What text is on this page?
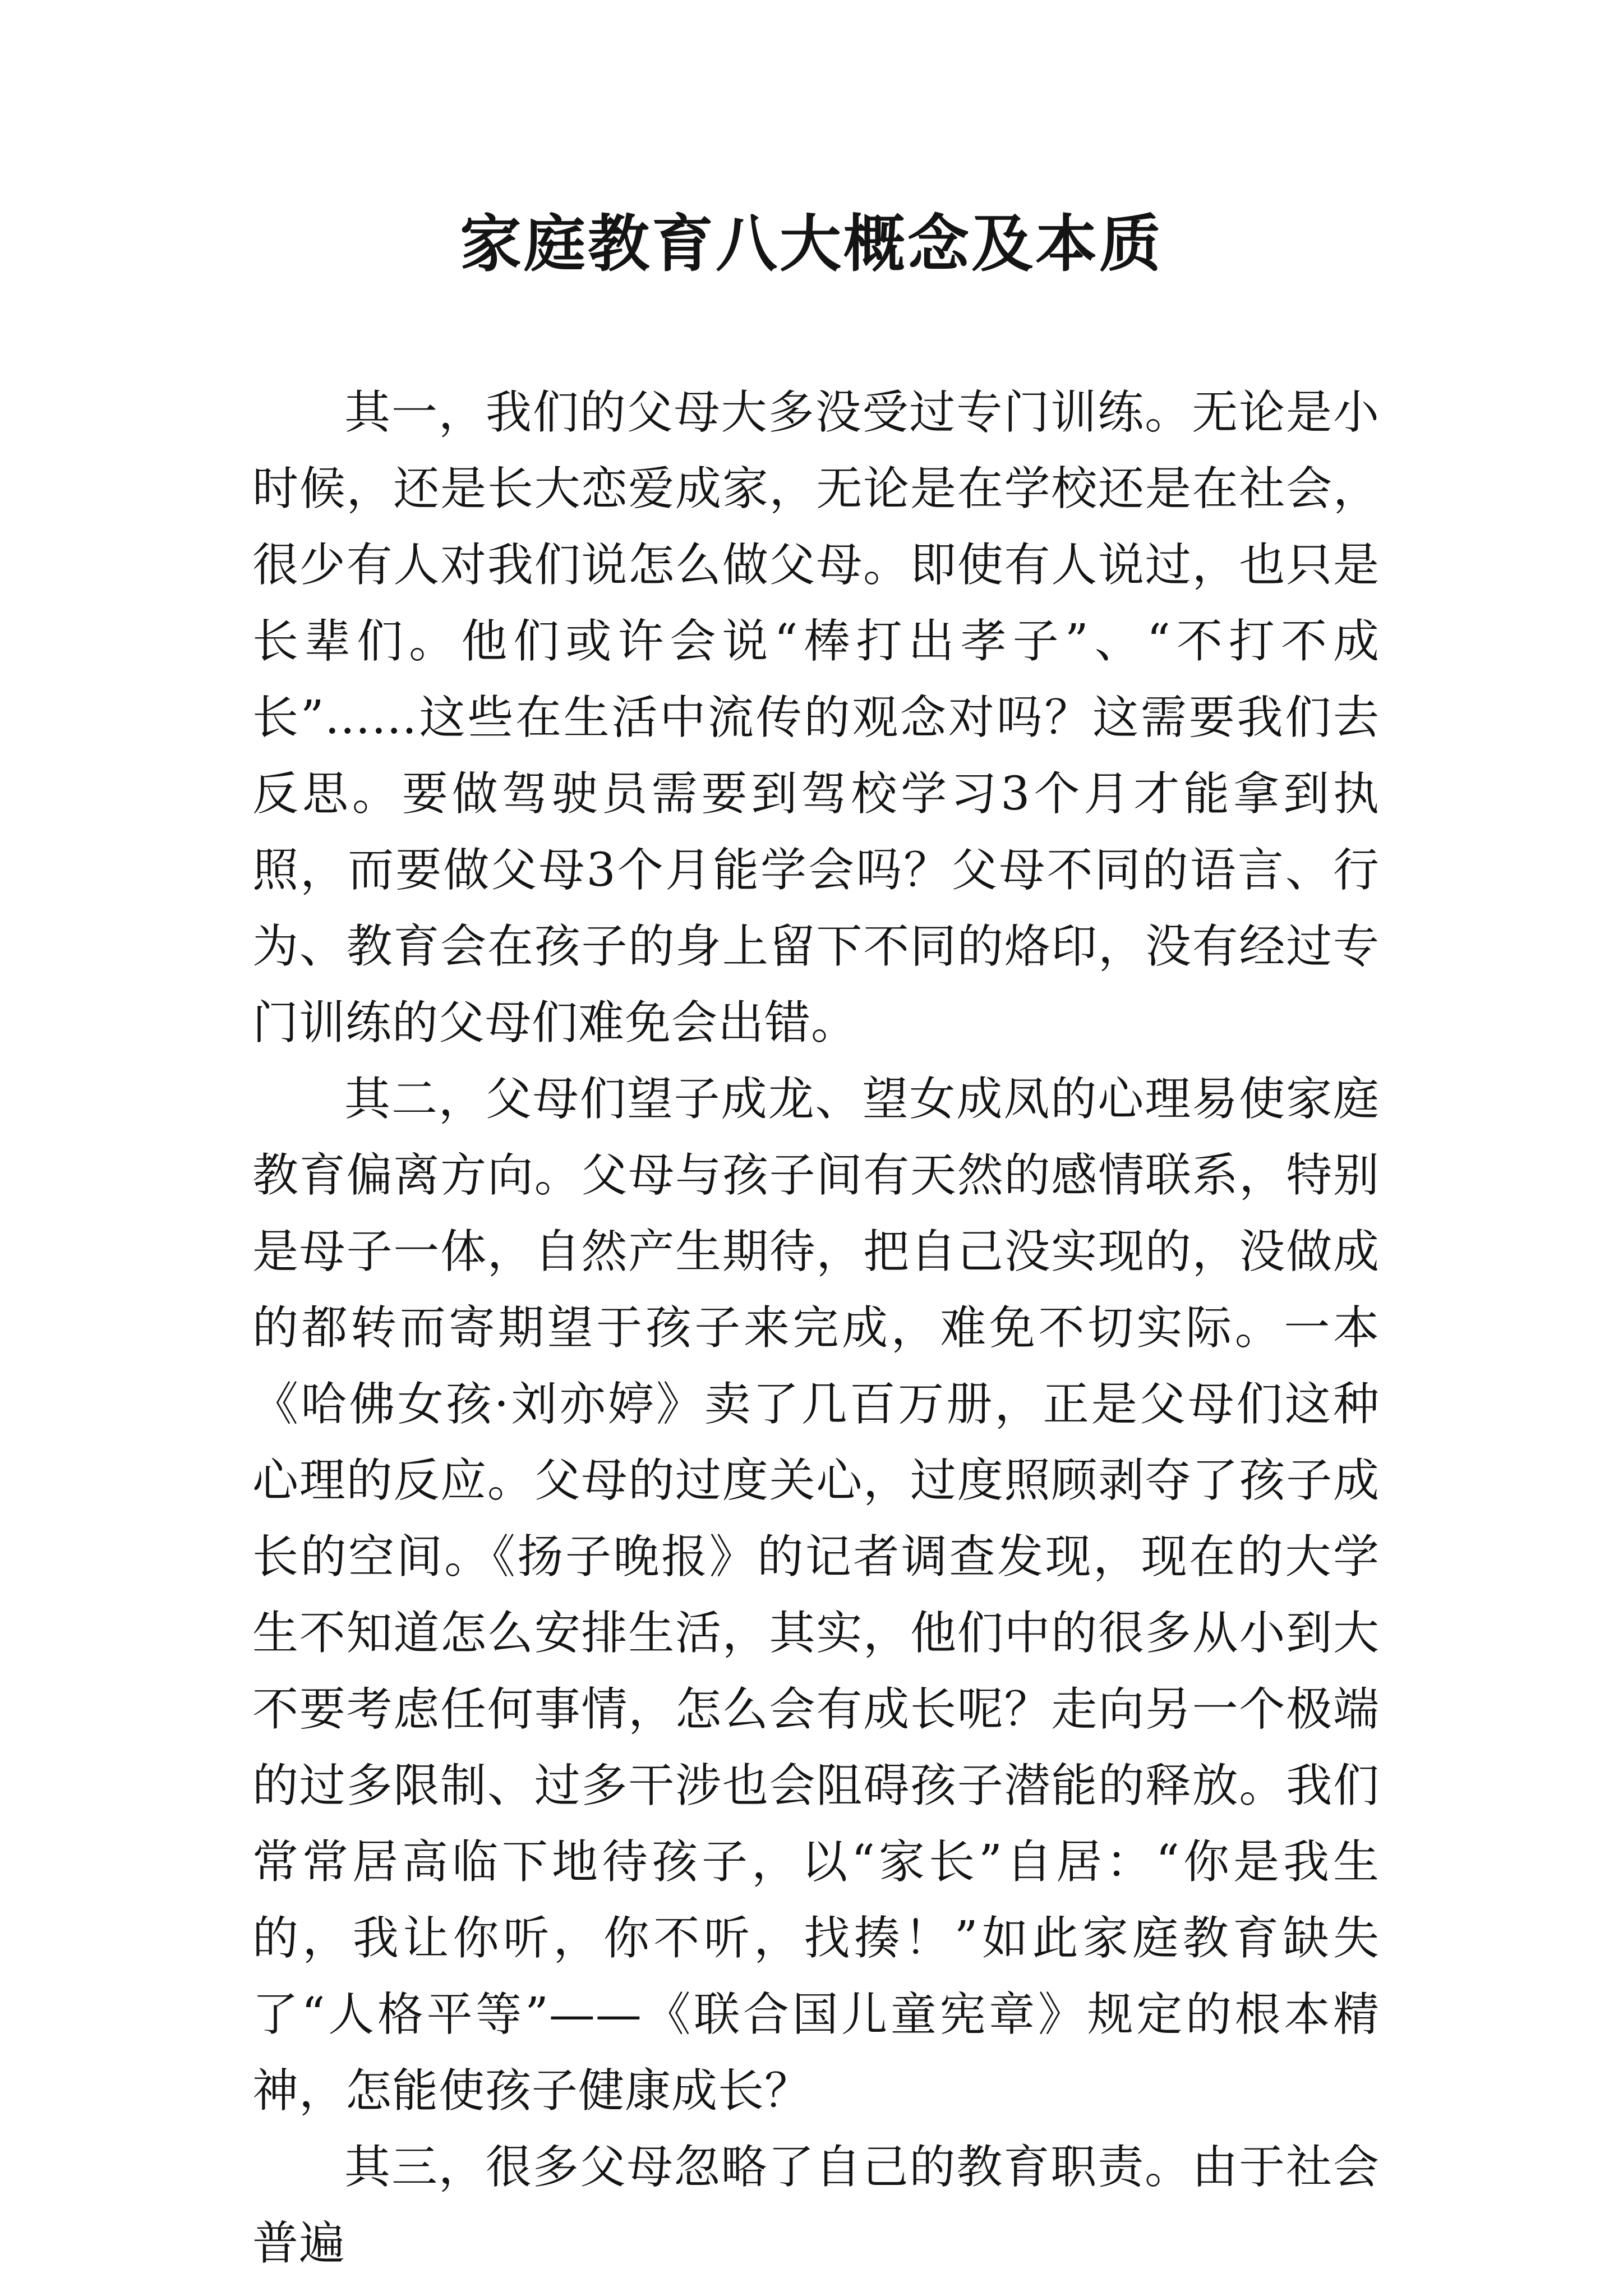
家庭教育八大概念及本质

其一，我们的父母大多没受过专门训练。无论是小时候，还是长大恋爱成家，无论是在学校还是在社会，很少有人对我们说怎么做父母。即使有人说过，也只是长辈们。他们或许会说“棒打出孝子”、“不打不成长”……这些在生活中流传的观念对吗？这需要我们去反思。要做驾驶员需要到驾校学习3个月才能拿到执照，而要做父母3个月能学会吗？父母不同的语言、行为、教育会在孩子的身上留下不同的烙印，没有经过专门训练的父母们难免会出错。

其二，父母们望子成龙、望女成凤的心理易使家庭教育偏离方向。父母与孩子间有天然的感情联系，特别是母子一体，自然产生期待，把自己没实现的，没做成的都转而寄期望于孩子来完成，难免不切实际。一本《哈佛女孩·刘亦婷》卖了几百万册，正是父母们这种心理的反应。父母的过度关心，过度照顾剥夺了孩子成长的空间。《扬子晚报》的记者调查发现，现在的大学生不知道怎么安排生活，其实，他们中的很多从小到大不要考虑任何事情，怎么会有成长呢？走向另一个极端的过多限制、过多干涉也会阻碍孩子潜能的释放。我们常常居高临下地待孩子，以“家长”自居：“你是我生的，我让你听，你不听，找揍！”如此家庭教育缺失了“人格平等”——《联合国儿童宪章》规定的根本精神，怎能使孩子健康成长？

其三，很多父母忽略了自己的教育职责。由于社会普遍
